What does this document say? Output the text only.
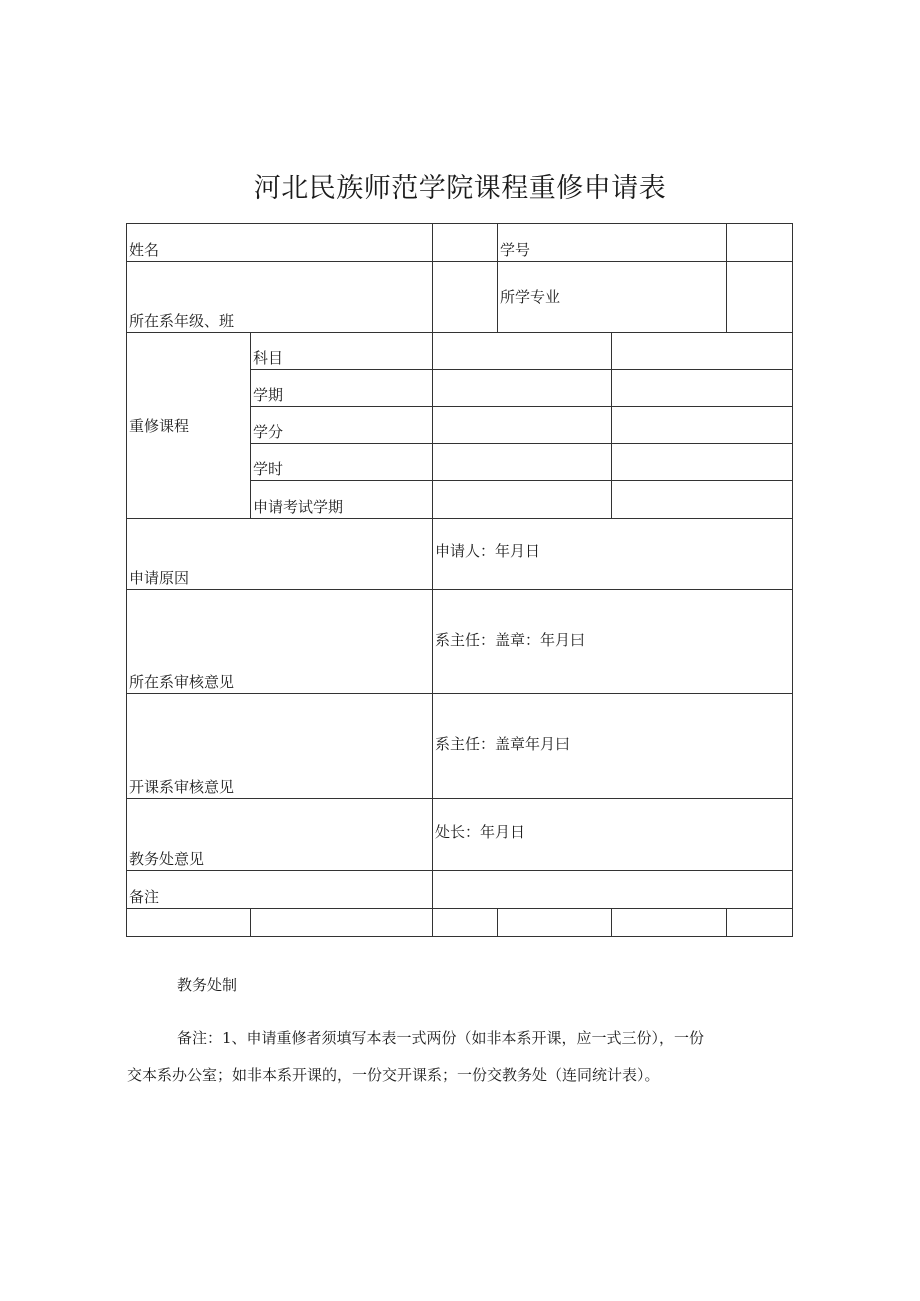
河北民族师范学院课程重修申请表
姓名	学号
所在系年级、班
所学专业
重修课程
科目
学期
学分
学时
申请考试学期
申请原因
申请人：年月日
所在系审核意见
系主任：盖章：年月曰
开课系审核意见
系主任：盖章年月曰
教务处意见
处长：年月日
备注
教务处制
备注：1、申请重修者须填写本表一式两份（如非本系开课，应一式三份），一份
交本系办公室；如非本系开课的，一份交开课系；一份交教务处（连同统计表）。
